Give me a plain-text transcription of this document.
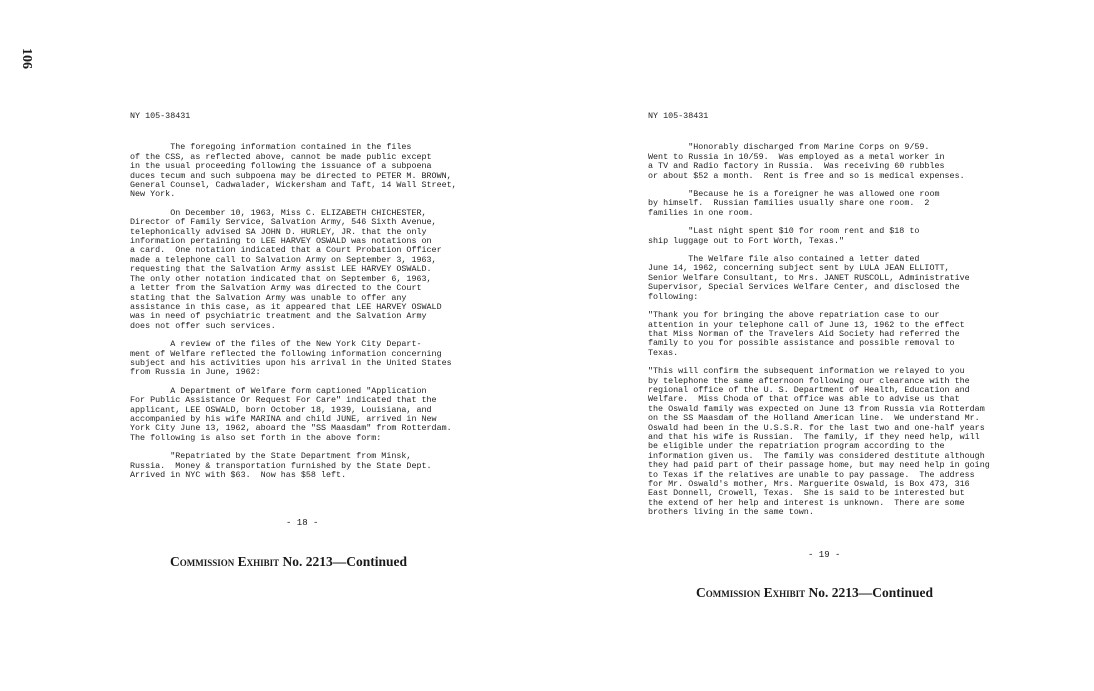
106
NY 105-38431
The foregoing information contained in the files
of the CSS, as reflected above, cannot be made public except
in the usual proceeding following the issuance of a subpoena
duces tecum and such subpoena may be directed to PETER M. BROWN,
General Counsel, Cadwalader, Wickersham and Taft, 14 Wall Street,
New York.
On December 10, 1963, Miss C. ELIZABETH CHICHESTER,
Director of Family Service, Salvation Army, 546 Sixth Avenue,
telephonically advised SA JOHN D. HURLEY, JR. that the only
information pertaining to LEE HARVEY OSWALD was notations on
a card.  One notation indicated that a Court Probation Officer
made a telephone call to Salvation Army on September 3, 1963,
requesting that the Salvation Army assist LEE HARVEY OSWALD.
The only other notation indicated that on September 6, 1963,
a letter from the Salvation Army was directed to the Court
stating that the Salvation Army was unable to offer any
assistance in this case, as it appeared that LEE HARVEY OSWALD
was in need of psychiatric treatment and the Salvation Army
does not offer such services.
A review of the files of the New York City Depart-
ment of Welfare reflected the following information concerning
subject and his activities upon his arrival in the United States
from Russia in June, 1962:
A Department of Welfare form captioned "Application
For Public Assistance Or Request For Care" indicated that the
applicant, LEE OSWALD, born October 18, 1939, Louisiana, and
accompanied by his wife MARINA and child JUNE, arrived in New
York City June 13, 1962, aboard the "SS Maasdam" from Rotterdam.
The following is also set forth in the above form:
"Repatriated by the State Department from Minsk,
Russia.  Money & transportation furnished by the State Dept.
Arrived in NYC with $63.  Now has $58 left.
- 18 -
Commission Exhibit No. 2213—Continued
NY 105-38431
"Honorably discharged from Marine Corps on 9/59.
Went to Russia in 10/59.  Was employed as a metal worker in
a TV and Radio factory in Russia.  Was receiving 60 rubbles
or about $52 a month.  Rent is free and so is medical expenses.
"Because he is a foreigner he was allowed one room
by himself.  Russian families usually share one room.  2
families in one room.
"Last night spent $10 for room rent and $18 to
ship luggage out to Fort Worth, Texas."
The Welfare file also contained a letter dated
June 14, 1962, concerning subject sent by LULA JEAN ELLIOTT,
Senior Welfare Consultant, to Mrs. JANET RUSCOLL, Administrative
Supervisor, Special Services Welfare Center, and disclosed the
following:
"Thank you for bringing the above repatriation case to our
attention in your telephone call of June 13, 1962 to the effect
that Miss Norman of the Travelers Aid Society had referred the
family to you for possible assistance and possible removal to
Texas.
"This will confirm the subsequent information we relayed to you
by telephone the same afternoon following our clearance with the
regional office of the U. S. Department of Health, Education and
Welfare.  Miss Choda of that office was able to advise us that
the Oswald family was expected on June 13 from Russia via Rotterdam
on the SS Maasdam of the Holland American line.  We understand Mr.
Oswald had been in the U.S.S.R. for the last two and one-half years
and that his wife is Russian.  The family, if they need help, will
be eligible under the repatriation program according to the
information given us.  The family was considered destitute although
they had paid part of their passage home, but may need help in going
to Texas if the relatives are unable to pay passage.  The address
for Mr. Oswald's mother, Mrs. Marguerite Oswald, is Box 473, 316
East Donnell, Crowell, Texas.  She is said to be interested but
the extend of her help and interest is unknown.  There are some
brothers living in the same town.
- 19 -
Commission Exhibit No. 2213—Continued
